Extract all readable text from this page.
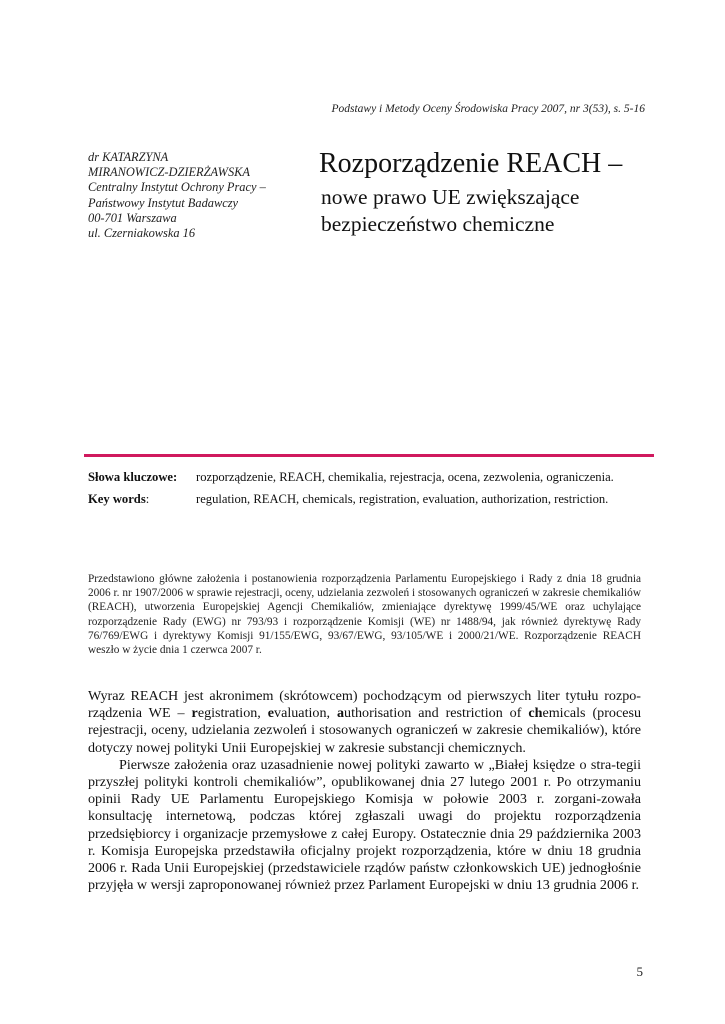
Podstawy i Metody Oceny Środowiska Pracy 2007, nr 3(53), s. 5-16
dr KATARZYNA
MIRANOWICZ-DZIERŻAWSKA
Centralny Instytut Ochrony Pracy –
Państwowy Instytut Badawczy
00-701 Warszawa
ul. Czerniakowska 16
Rozporządzenie REACH –
nowe prawo UE zwiększające
bezpieczeństwo chemiczne
Słowa kluczowe: rozporządzenie, REACH, chemikalia, rejestracja, ocena, zezwolenia, ograniczenia.
Key words:	regulation, REACH, chemicals, registration, evaluation, authorization, restriction.
Przedstawiono główne założenia i postanowienia rozporządzenia Parlamentu Europejskiego i Rady z dnia 18 grudnia 2006 r. nr 1907/2006 w sprawie rejestracji, oceny, udzielania zezwoleń i stosowanych ograniczeń w zakresie chemikaliów (REACH), utworzenia Europejskiej Agencji Chemikaliów, zmieniające dyrektywę 1999/45/WE oraz uchylające rozporządzenie Rady (EWG) nr 793/93 i rozporządzenie Komisji (WE) nr 1488/94, jak również dyrektywę Rady 76/769/EWG i dyrektywy Komisji 91/155/EWG, 93/67/EWG, 93/105/WE i 2000/21/WE. Rozporządzenie REACH weszło w życie dnia 1 czerwca 2007 r.

Wyraz REACH jest akronimem (skrótowcem) pochodzącym od pierwszych liter tytułu rozpo-rządzenia WE – registration, evaluation, authorisation and restriction of chemicals (procesu rejestracji, oceny, udzielania zezwoleń i stosowanych ograniczeń w zakresie chemikaliów), które dotyczy nowej polityki Unii Europejskiej w zakresie substancji chemicznych.

Pierwsze założenia oraz uzasadnienie nowej polityki zawarto w „Białej księdze o stra-tegii przyszłej polityki kontroli chemikaliów”, opublikowanej dnia 27 lutego 2001 r. Po otrzymaniu opinii Rady UE Parlamentu Europejskiego Komisja w połowie 2003 r. zorgani-zowała konsultację internetową, podczas której zgłaszali uwagi do projektu rozporządzenia przedsiębiorcy i organizacje przemysłowe z całej Europy. Ostatecznie dnia 29 października 2003 r. Komisja Europejska przedstawiła oficjalny projekt rozporządzenia, które w dniu 18 grudnia 2006 r. Rada Unii Europejskiej (przedstawiciele rządów państw członkowskich UE) jednogłośnie przyjęła w wersji zaproponowanej również przez Parlament Europejski w dniu 13 grudnia 2006 r.

5
